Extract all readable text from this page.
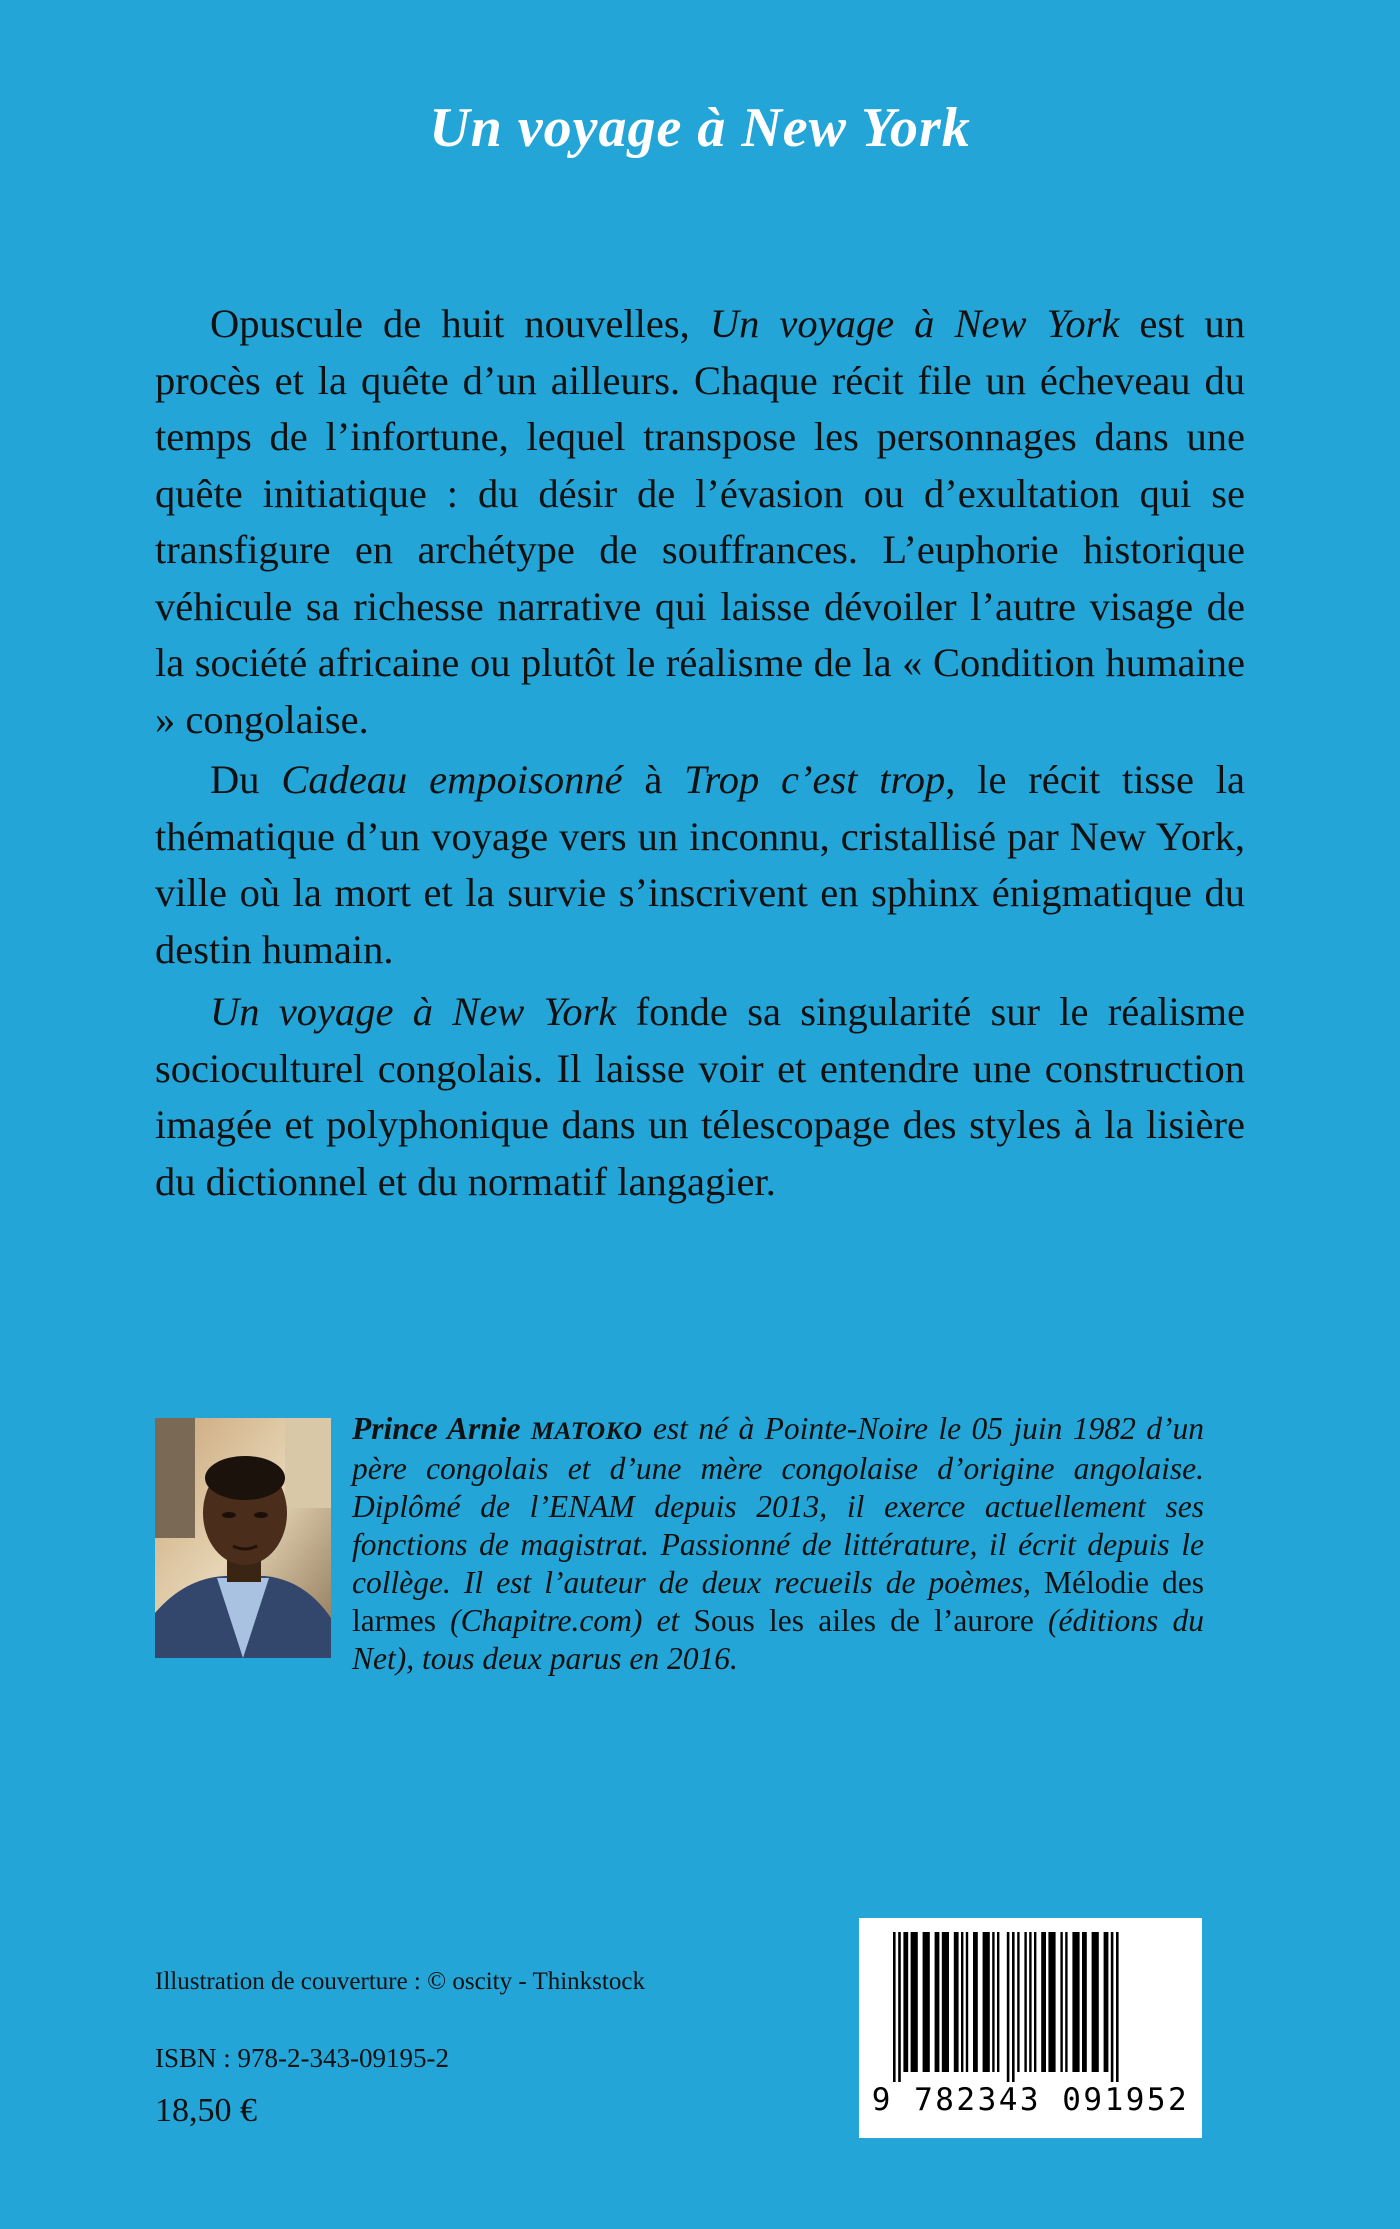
Un voyage à New York

Opuscule de huit nouvelles, Un voyage à New York est un procès et la quête d’un ailleurs. Chaque récit file un écheveau du temps de l’infortune, lequel transpose les personnages dans une quête initiatique : du désir de l’évasion ou d’exultation qui se transfigure en archétype de souffrances. L’euphorie historique véhicule sa richesse narrative qui laisse dévoiler l’autre visage de la société africaine ou plutôt le réalisme de la « Condition humaine » congolaise.

Du Cadeau empoisonné à Trop c’est trop, le récit tisse la thématique d’un voyage vers un inconnu, cristallisé par New York, ville où la mort et la survie s’inscrivent en sphinx énigmatique du destin humain.

Un voyage à New York fonde sa singularité sur le réalisme socioculturel congolais. Il laisse voir et entendre une construction imagée et polyphonique dans un télescopage des styles à la lisière du dictionnel et du normatif langagier.

Prince Arnie MATOKO est né à Pointe-Noire le 05 juin 1982 d’un père congolais et d’une mère congolaise d’origine angolaise. Diplômé de l’ENAM depuis 2013, il exerce actuellement ses fonctions de magistrat. Passionné de littérature, il écrit depuis le collège. Il est l’auteur de deux recueils de poèmes, Mélodie des larmes (Chapitre.com) et Sous les ailes de l’aurore (éditions du Net), tous deux parus en 2016.
Illustration de couverture : © oscity - Thinkstock
ISBN : 978-2-343-09195-2
18,50 €	9 782343 091952
